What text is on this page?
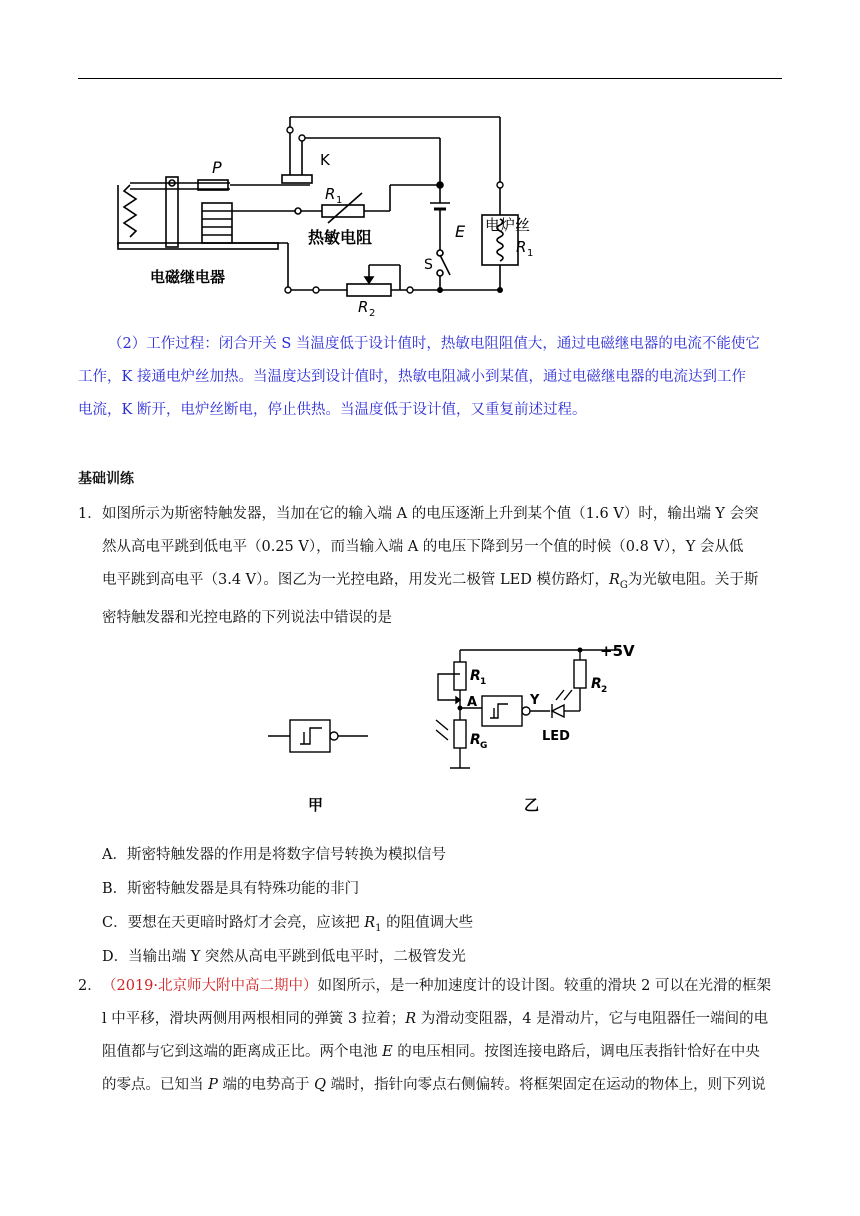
P	K
R 1
热敏电阻	E
S
电炉丝
R 1
电磁继电器
R 2
（2）工作过程：闭合开关 S 当温度低于设计值时，热敏电阻阻值大，通过电磁继电器的电流不能使它
工作，K 接通电炉丝加热。当温度达到设计值时，热敏电阻减小到某值，通过电磁继电器的电流达到工作
电流，K 断开，电炉丝断电，停止供热。当温度低于设计值，又重复前述过程。
基础训练
1． 如图所示为斯密特触发器，当加在它的输入端 A 的电压逐渐上升到某个值（1.6 V）时，输出端 Y 会突
然从高电平跳到低电平（0.25 V），而当输入端 A 的电压下降到另一个值的时候（0.8 V），Y 会从低
电平跳到高电平（3.4 V）。图乙为一光控电路，用发光二极管 LED 模仿路灯，$R_G$为光敏电阻。关于斯
密特触发器和光控电路的下列说法中错误的是
+5V
R 1	R 2
A	Y
LED
R G
甲	乙
A．斯密特触发器的作用是将数字信号转换为模拟信号
B．斯密特触发器是具有特殊功能的非门
C．要想在天更暗时路灯才会亮，应该把 $R_1$ 的阻值调大些
D．当输出端 Y 突然从高电平跳到低电平时，二极管发光
2． （2019·北京师大附中高二期中）如图所示，是一种加速度计的设计图。较重的滑块 2 可以在光滑的框架
l 中平移，滑块两侧用两根相同的弹簧 3 拉着；R 为滑动变阻器，4 是滑动片，它与电阻器任一端间的电
阻值都与它到这端的距离成正比。两个电池 E 的电压相同。按图连接电路后，调电压表指针恰好在中央
的零点。已知当 P 端的电势高于 Q 端时，指针向零点右侧偏转。将框架固定在运动的物体上，则下列说
